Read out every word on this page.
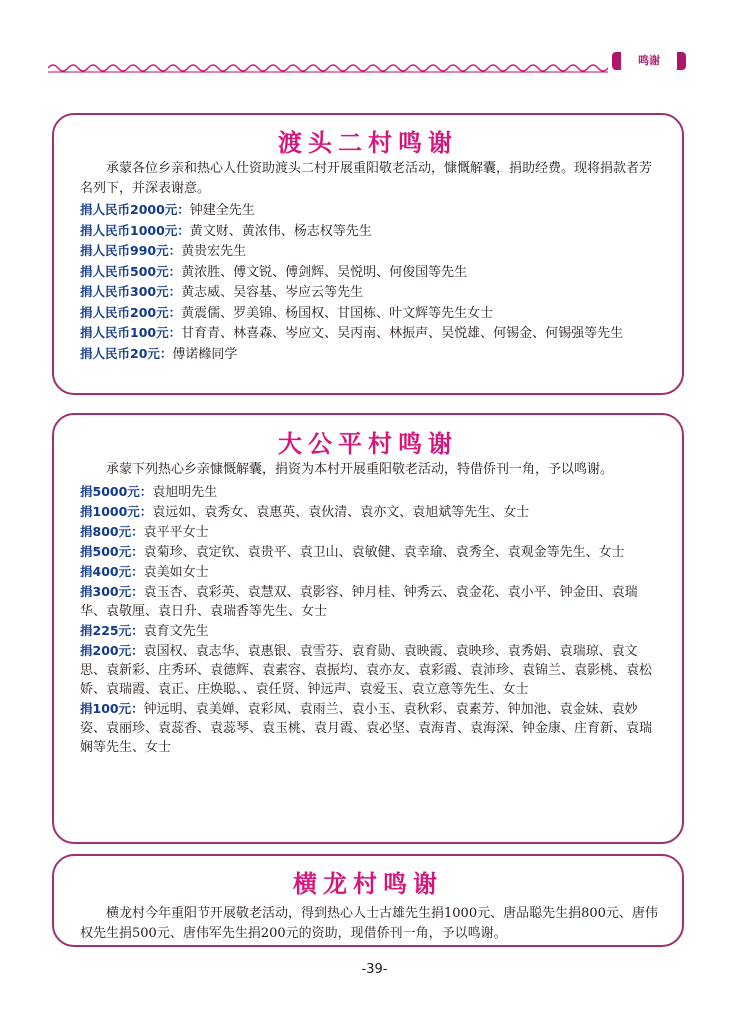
鸣谢
渡头二村鸣谢

承蒙各位乡亲和热心人仕资助渡头二村开展重阳敬老活动，慷慨解囊，捐助经费。现将捐款者芳名列下，并深表谢意。

捐人民币2000元：钟建全先生

捐人民币1000元：黄文财、黄浓伟、杨志权等先生

捐人民币990元：黄贵宏先生

捐人民币500元：黄浓胜、傅文锐、傅剑辉、吴悦明、何俊国等先生

捐人民币300元：黄志威、吴容基、岑应云等先生

捐人民币200元：黄震儒、罗美锦、杨国权、甘国栋、叶文辉等先生女士

捐人民币100元：甘育青、林喜森、岑应文、吴丙南、林振声、吴悦雄、何锡金、何锡强等先生

捐人民币20元：傅诺橼同学

大公平村鸣谢

承蒙下列热心乡亲慷慨解囊，捐资为本村开展重阳敬老活动，特借侨刊一角，予以鸣谢。

捐5000元：袁旭明先生

捐1000元：袁远如、袁秀女、袁惠英、袁伙清、袁亦文、袁旭斌等先生、女士

捐800元：袁平平女士

捐500元：袁菊珍、袁定钦、袁贵平、袁卫山、袁敏健、袁幸瑜、袁秀全、袁观金等先生、女士

捐400元：袁美如女士

捐300元：袁玉杏、袁彩英、袁慧双、袁影容、钟月桂、钟秀云、袁金花、袁小平、钟金田、袁瑞华、袁敬厘、袁日升、袁瑞香等先生、女士

捐225元：袁育文先生

捐200元：袁国权、袁志华、袁惠银、袁雪芬、袁育勋、袁映霞、袁映珍、袁秀娟、袁瑞琼、袁文思、袁新彩、庄秀环、袁德辉、袁素容、袁振均、袁亦友、袁彩霞、袁沛珍、袁锦兰、袁影桃、袁松娇、袁瑞霞、袁正、庄焕聪、、袁任贤、钟远声、袁爱玉、袁立意等先生、女士

捐100元：钟远明、袁美婵、袁彩凤、袁雨兰、袁小玉、袁秋彩、袁素芳、钟加池、袁金妹、袁妙姿、袁丽珍、袁蕊香、袁蕊琴、袁玉桃、袁月霞、袁必坚、袁海青、袁海深、钟金康、庄育新、袁瑞娴等先生、女士

横龙村鸣谢

横龙村今年重阳节开展敬老活动，得到热心人士古雄先生捐1000元、唐品聪先生捐800元、唐伟权先生捐500元、唐伟军先生捐200元的资助，现借侨刊一角，予以鸣谢。

-39-
